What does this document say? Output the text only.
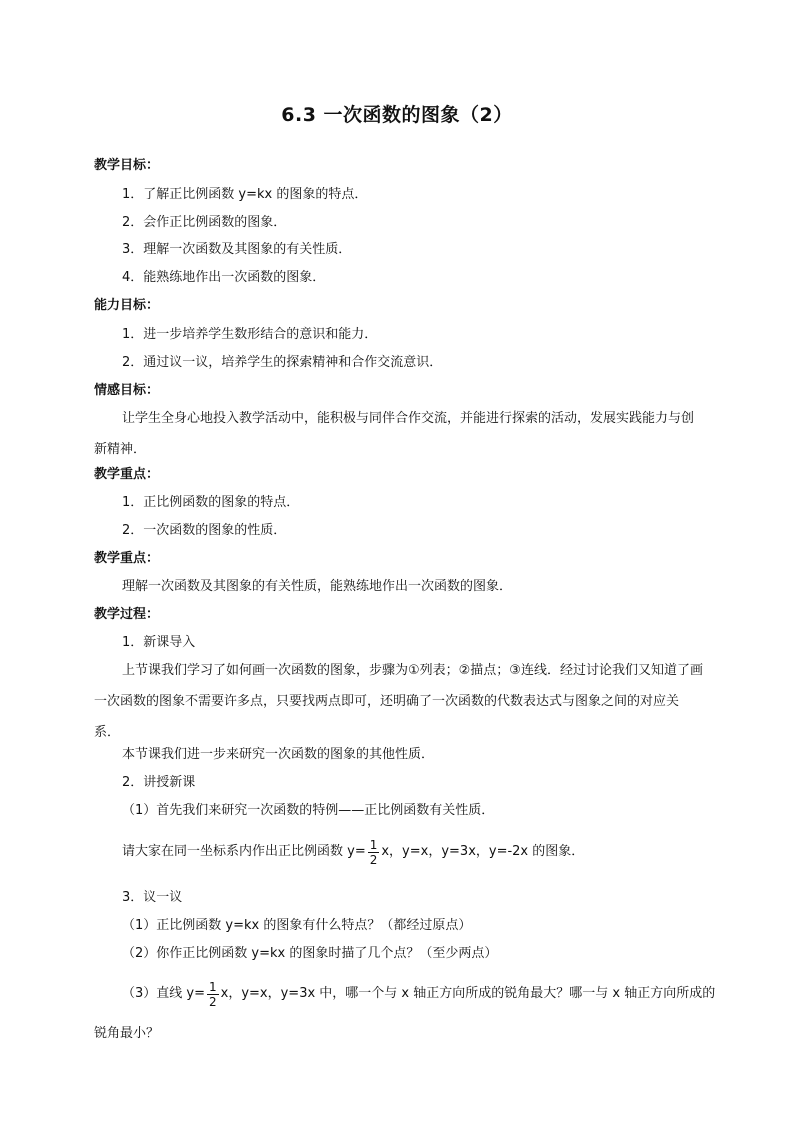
6.3 一次函数的图象（2）
教学目标：
1．了解正比例函数 y=kx 的图象的特点．
2．会作正比例函数的图象．
3．理解一次函数及其图象的有关性质．
4．能熟练地作出一次函数的图象．
能力目标：
1．进一步培养学生数形结合的意识和能力．
2．通过议一议，培养学生的探索精神和合作交流意识．
情感目标：
让学生全身心地投入教学活动中，能积极与同伴合作交流，并能进行探索的活动，发展实践能力与创新精神．
教学重点：
1．正比例函数的图象的特点．
2．一次函数的图象的性质．
教学重点：
理解一次函数及其图象的有关性质，能熟练地作出一次函数的图象．
教学过程：
1．新课导入
上节课我们学习了如何画一次函数的图象，步骤为①列表；②描点；③连线．经过讨论我们又知道了画一次函数的图象不需要许多点，只要找两点即可，还明确了一次函数的代数表达式与图象之间的对应关系．
本节课我们进一步来研究一次函数的图象的其他性质．
2．讲授新课
（1）首先我们来研究一次函数的特例——正比例函数有关性质．
请大家在同一坐标系内作出正比例函数 $y= \frac{1}{2}$ x，y=x，y=3x，y=-2x 的图象．
3．议一议
（1）正比例函数 y=kx 的图象有什么特点？（都经过原点）
（2）你作正比例函数 y=kx 的图象时描了几个点？（至少两点）
（3）直线 $y= \frac{1}{2}$ x，y=x，y=3x 中，哪一个与 x 轴正方向所成的锐角最大？哪一与 x 轴正方向所成的
锐角最小？
